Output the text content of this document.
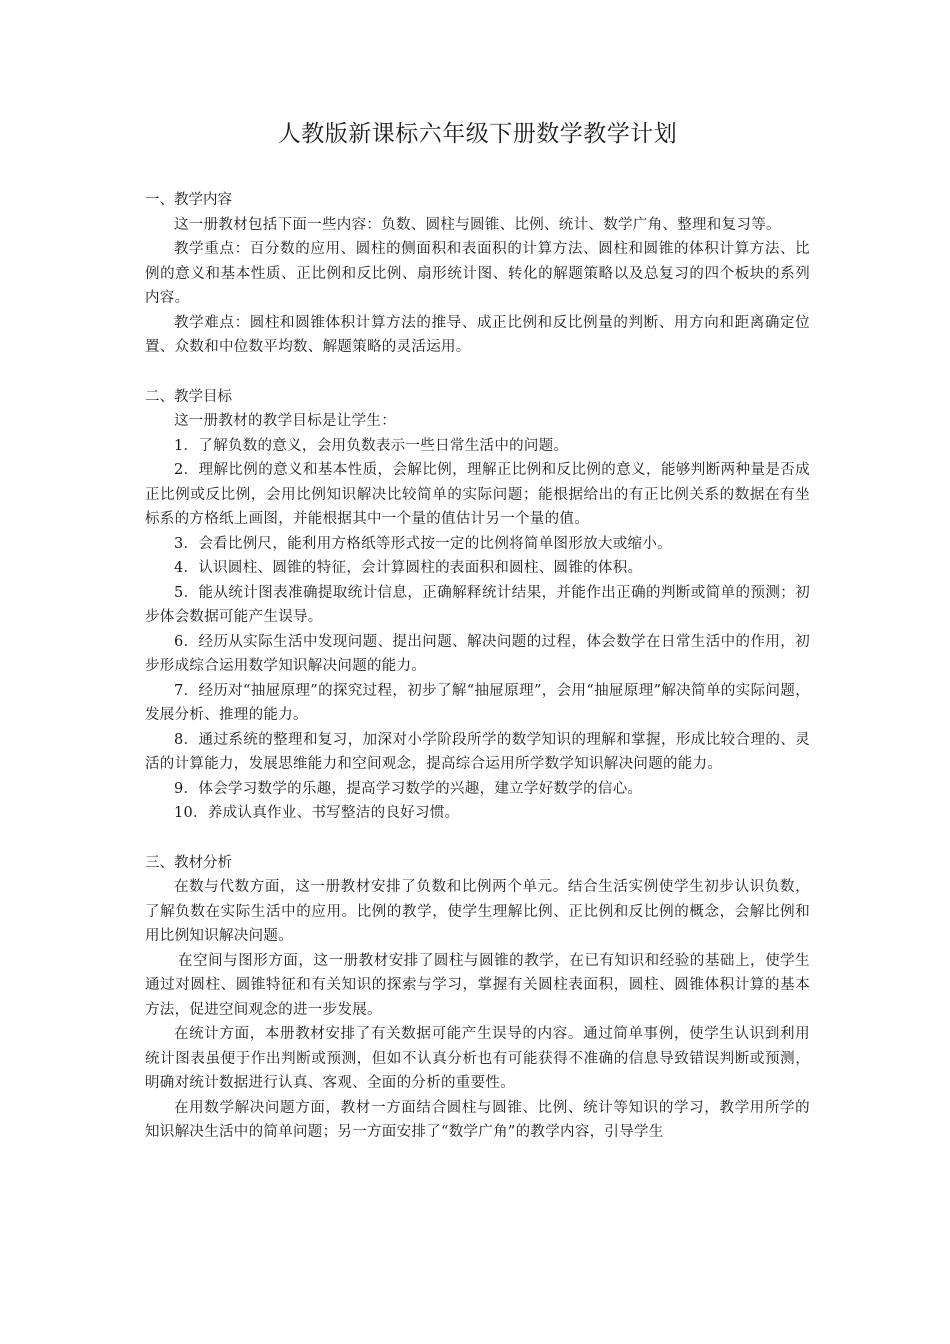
人教版新课标六年级下册数学教学计划

一、教学内容

这一册教材包括下面一些内容：负数、圆柱与圆锥、比例、统计、数学广角、整理和复习等。

教学重点：百分数的应用、圆柱的侧面积和表面积的计算方法、圆柱和圆锥的体积计算方法、比例的意义和基本性质、正比例和反比例、扇形统计图、转化的解题策略以及总复习的四个板块的系列内容。

教学难点：圆柱和圆锥体积计算方法的推导、成正比例和反比例量的判断、用方向和距离确定位置、众数和中位数平均数、解题策略的灵活运用。

二、教学目标

这一册教材的教学目标是让学生：

1．了解负数的意义，会用负数表示一些日常生活中的问题。

2．理解比例的意义和基本性质，会解比例，理解正比例和反比例的意义，能够判断两种量是否成正比例或反比例，会用比例知识解决比较简单的实际问题；能根据给出的有正比例关系的数据在有坐标系的方格纸上画图，并能根据其中一个量的值估计另一个量的值。

3．会看比例尺，能利用方格纸等形式按一定的比例将简单图形放大或缩小。

4．认识圆柱、圆锥的特征，会计算圆柱的表面积和圆柱、圆锥的体积。

5．能从统计图表准确提取统计信息，正确解释统计结果，并能作出正确的判断或简单的预测；初步体会数据可能产生误导。

6．经历从实际生活中发现问题、提出问题、解决问题的过程，体会数学在日常生活中的作用，初步形成综合运用数学知识解决问题的能力。

7．经历对“抽屉原理”的探究过程，初步了解“抽屉原理”，会用“抽屉原理”解决简单的实际问题，发展分析、推理的能力。

8．通过系统的整理和复习，加深对小学阶段所学的数学知识的理解和掌握，形成比较合理的、灵活的计算能力，发展思维能力和空间观念，提高综合运用所学数学知识解决问题的能力。

9．体会学习数学的乐趣，提高学习数学的兴趣，建立学好数学的信心。

10．养成认真作业、书写整洁的良好习惯。

三、教材分析

在数与代数方面，这一册教材安排了负数和比例两个单元。结合生活实例使学生初步认识负数，了解负数在实际生活中的应用。比例的教学，使学生理解比例、正比例和反比例的概念，会解比例和用比例知识解决问题。

在空间与图形方面，这一册教材安排了圆柱与圆锥的教学，在已有知识和经验的基础上，使学生通过对圆柱、圆锥特征和有关知识的探索与学习，掌握有关圆柱表面积，圆柱、圆锥体积计算的基本方法，促进空间观念的进一步发展。

在统计方面，本册教材安排了有关数据可能产生误导的内容。通过简单事例，使学生认识到利用统计图表虽便于作出判断或预测，但如不认真分析也有可能获得不准确的信息导致错误判断或预测，明确对统计数据进行认真、客观、全面的分析的重要性。

在用数学解决问题方面，教材一方面结合圆柱与圆锥、比例、统计等知识的学习，教学用所学的知识解决生活中的简单问题；另一方面安排了“数学广角”的教学内容，引导学生
